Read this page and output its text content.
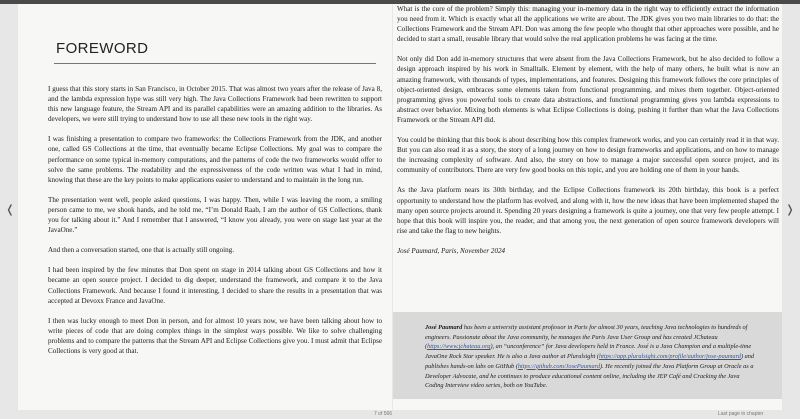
❬	❭
FOREWORD

I guess that this story starts in San Francisco, in October 2015. That was almost two years after the release of Java 8, and the lambda expression hype was still very high. The Java Collections Framework had been rewritten to support this new language feature, the Stream API and its parallel capabilities were an amazing addition to the libraries. As developers, we were still trying to understand how to use all these new tools in the right way.

I was finishing a presentation to compare two frameworks: the Collections Framework from the JDK, and another one, called GS Collections at the time, that eventually became Eclipse Collections. My goal was to compare the performance on some typical in-memory computations, and the patterns of code the two frameworks would offer to solve the same problems. The readability and the expressiveness of the code written was what I had in mind, knowing that these are the key points to make applications easier to understand and to maintain in the long run.

The presentation went well, people asked questions, I was happy. Then, while I was leaving the room, a smiling person came to me, we shook hands, and he told me, “I’m Donald Raab, I am the author of GS Collections, thank you for talking about it.” And I remember that I answered, “I know you already, you were on stage last year at the JavaOne.”

And then a conversation started, one that is actually still ongoing.

I had been inspired by the few minutes that Don spent on stage in 2014 talking about GS Collections and how it became an open source project. I decided to dig deeper, understand the framework, and compare it to the Java Collections Framework. And because I found it interesting, I decided to share the results in a presentation that was accepted at Devoxx France and JavaOne.

I then was lucky enough to meet Don in person, and for almost 10 years now, we have been talking about how to write pieces of code that are doing complex things in the simplest ways possible. We like to solve challenging problems and to compare the patterns that the Stream API and Eclipse Collections give you. I must admit that Eclipse Collections is very good at that.

What is the core of the problem? Simply this: managing your in-memory data in the right way to efficiently extract the information you need from it. Which is exactly what all the applications we write are about. The JDK gives you two main libraries to do that: the Collections Framework and the Stream API. Don was among the few people who thought that other approaches were possible, and he decided to start a small, reusable library that would solve the real application problems he was facing at the time.

Not only did Don add in-memory structures that were absent from the Java Collections Framework, but he also decided to follow a design approach inspired by his work in Smalltalk. Element by element, with the help of many others, he built what is now an amazing framework, with thousands of types, implementations, and features. Designing this framework follows the core principles of object-oriented design, embraces some elements taken from functional programming, and mixes them together. Object-oriented programming gives you powerful tools to create data abstractions, and functional programming gives you lambda expressions to abstract over behavior. Mixing both elements is what Eclipse Collections is doing, pushing it further than what the Java Collections Framework or the Stream API did.

You could be thinking that this book is about describing how this complex framework works, and you can certainly read it in that way. But you can also read it as a story, the story of a long journey on how to design frameworks and applications, and on how to manage the increasing complexity of software. And also, the story on how to manage a major successful open source project, and its community of contributors. There are very few good books on this topic, and you are holding one of them in your hands.

As the Java platform nears its 30th birthday, and the Eclipse Collections framework its 20th birthday, this book is a perfect opportunity to understand how the platform has evolved, and along with it, how the new ideas that have been implemented shaped the many open source projects around it. Spending 20 years designing a framework is quite a journey, one that very few people attempt. I hope that this book will inspire you, the reader, and that among you, the next generation of open source framework developers will rise and take the flag to new heights.

José Paumard, Paris, November 2024

José Paumard has been a university assistant professor in Paris for almost 30 years, teaching Java technologies to hundreds of engineers. Passionate about the Java community, he manages the Paris Java User Group and has created JChateau (https://www.jchateau.org), an “unconference” for Java developers held in France. José is a Java Champion and a multiple-time JavaOne Rock Star speaker. He is also a Java author at Pluralsight (https://app.pluralsight.com/profile/author/jose-paumard) and publishes hands-on labs on GitHub (https://github.com/JosePaumard). He recently joined the Java Platform Group at Oracle as a Developer Advocate, and he continues to produce educational content online, including the JEP Café and Cracking the Java Coding Interview video series, both on YouTube.

7 of 566	Last page in chapter
